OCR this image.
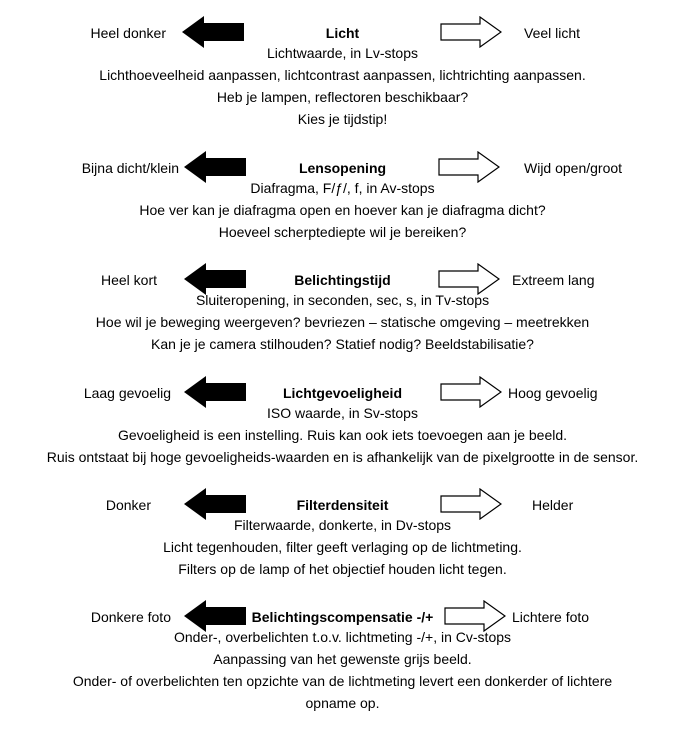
Heel donker	Licht	Veel licht
Lichtwaarde, in Lv-stops
Lichthoeveelheid aanpassen, lichtcontrast aanpassen, lichtrichting aanpassen.
Heb je lampen, reflectoren beschikbaar?
Kies je tijdstip!
Bijna dicht/klein	Lensopening	Wijd open/groot
Diafragma, F/ƒ/, f, in Av-stops
Hoe ver kan je diafragma open en hoever kan je diafragma dicht?
Hoeveel scherptediepte wil je bereiken?
Heel kort	Belichtingstijd	Extreem lang
Sluiteropening, in seconden, sec, s, in Tv-stops
Hoe wil je beweging weergeven? bevriezen – statische omgeving – meetrekken
Kan je je camera stilhouden? Statief nodig? Beeldstabilisatie?
Laag gevoelig	Lichtgevoeligheid	Hoog gevoelig
ISO waarde, in Sv-stops
Gevoeligheid is een instelling. Ruis kan ook iets toevoegen aan je beeld.
Ruis ontstaat bij hoge gevoeligheids-waarden en is afhankelijk van de pixelgrootte in de sensor.
Donker	Filterdensiteit	Helder
Filterwaarde, donkerte, in Dv-stops
Licht tegenhouden, filter geeft verlaging op de lichtmeting.
Filters op de lamp of het objectief houden licht tegen.
Donkere foto	Belichtingscompensatie -/+	Lichtere foto
Onder-, overbelichten t.o.v. lichtmeting -/+, in Cv-stops
Aanpassing van het gewenste grijs beeld.
Onder- of overbelichten ten opzichte van de lichtmeting levert een donkerder of lichtere
opname op.
